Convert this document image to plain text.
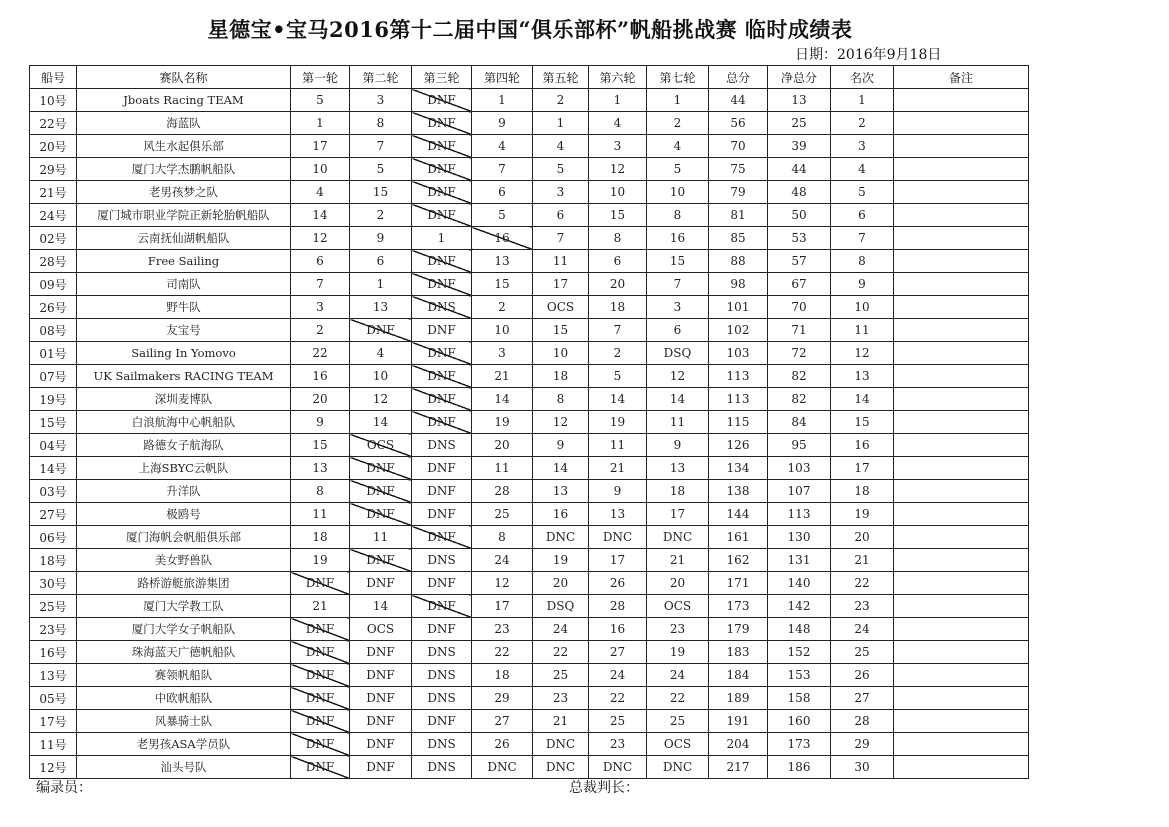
星德宝•宝马2016第十二届中国“俱乐部杯”帆船挑战赛 临时成绩表
日期：2016年9月18日
船号	赛队名称	第一轮	第二轮	第三轮	第四轮	第五轮	第六轮	第七轮	总分	净总分	名次	备注
10号	Jboats Racing TEAM	5	3	DNF	1	2	1	1	44	13	1	
22号	海蓝队	1	8	DNF	9	1	4	2	56	25	2	
20号	风生水起俱乐部	17	7	DNF	4	4	3	4	70	39	3	
29号	厦门大学杰鹏帆船队	10	5	DNF	7	5	12	5	75	44	4	
21号	老男孩梦之队	4	15	DNF	6	3	10	10	79	48	5	
24号	厦门城市职业学院正新轮胎帆船队	14	2	DNF	5	6	15	8	81	50	6	
02号	云南抚仙湖帆船队	12	9	1	16	7	8	16	85	53	7	
28号	Free Sailing	6	6	DNF	13	11	6	15	88	57	8	
09号	司南队	7	1	DNF	15	17	20	7	98	67	9	
26号	野牛队	3	13	DNS	2	OCS	18	3	101	70	10	
08号	友宝号	2	DNF	DNF	10	15	7	6	102	71	11	
01号	Sailing In Yomovo	22	4	DNF	3	10	2	DSQ	103	72	12	
07号	UK Sailmakers RACING TEAM	16	10	DNF	21	18	5	12	113	82	13	
19号	深圳麦博队	20	12	DNF	14	8	14	14	113	82	14	
15号	白浪航海中心帆船队	9	14	DNF	19	12	19	11	115	84	15	
04号	路德女子航海队	15	OCS	DNS	20	9	11	9	126	95	16	
14号	上海SBYC云帆队	13	DNF	DNF	11	14	21	13	134	103	17	
03号	升洋队	8	DNF	DNF	28	13	9	18	138	107	18	
27号	极鸥号	11	DNF	DNF	25	16	13	17	144	113	19	
06号	厦门海帆会帆船俱乐部	18	11	DNF	8	DNC	DNC	DNC	161	130	20	
18号	美女野兽队	19	DNF	DNS	24	19	17	21	162	131	21	
30号	路桥游艇旅游集团	DNF	DNF	DNF	12	20	26	20	171	140	22	
25号	厦门大学教工队	21	14	DNF	17	DSQ	28	OCS	173	142	23	
23号	厦门大学女子帆船队	DNF	OCS	DNF	23	24	16	23	179	148	24	
16号	珠海蓝天广德帆船队	DNF	DNF	DNS	22	22	27	19	183	152	25	
13号	赛领帆船队	DNF	DNF	DNS	18	25	24	24	184	153	26	
05号	中欧帆船队	DNF	DNF	DNS	29	23	22	22	189	158	27	
17号	风暴骑士队	DNF	DNF	DNF	27	21	25	25	191	160	28	
11号	老男孩ASA学员队	DNF	DNF	DNS	26	DNC	23	OCS	204	173	29	
12号	汕头号队	DNF	DNF	DNS	DNC	DNC	DNC	DNC	217	186	30	
编录员：	总裁判长：
